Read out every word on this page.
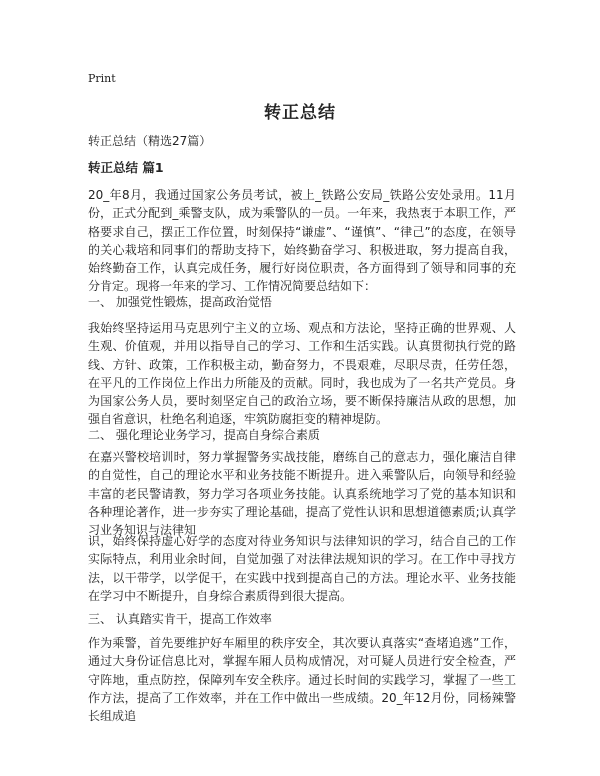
Print
转正总结
转正总结（精选27篇）
转正总结 篇1

20_年8月，我通过国家公务员考试，被上_铁路公安局_铁路公安处录用。11月份，正式分配到_乘警支队，成为乘警队的一员。一年来，我热衷于本职工作，严格要求自己，摆正工作位置，时刻保持“谦虚”、“谨慎”、“律己”的态度，在领导的关心栽培和同事们的帮助支持下，始终勤奋学习、积极进取，努力提高自我，始终勤奋工作，认真完成任务，履行好岗位职责，各方面得到了领导和同事的充分肯定。现将一年来的学习、工作情况简要总结如下：

一、 加强党性锻炼，提高政治觉悟

我始终坚持运用马克思列宁主义的立场、观点和方法论，坚持正确的世界观、人生观、价值观，并用以指导自己的学习、工作和生活实践。认真贯彻执行党的路线、方针、政策，工作积极主动，勤奋努力，不畏艰难，尽职尽责，任劳任怨，在平凡的工作岗位上作出力所能及的贡献。同时，我也成为了一名共产党员。身为国家公务人员，要时刻坚定自己的政治立场，要不断保持廉洁从政的思想，加强自省意识，杜绝名利追逐，牢筑防腐拒变的精神堤防。

二、 强化理论业务学习，提高自身综合素质

在嘉兴警校培训时，努力掌握警务实战技能，磨练自己的意志力，强化廉洁自律的自觉性，自己的理论水平和业务技能不断提升。进入乘警队后，向领导和经验丰富的老民警请教，努力学习各项业务技能。认真系统地学习了党的基本知识和各种理论著作，进一步夯实了理论基础，提高了党性认识和思想道德素质;认真学习业务知识与法律知

识，始终保持虚心好学的态度对待业务知识与法律知识的学习，结合自己的工作实际特点，利用业余时间，自觉加强了对法律法规知识的学习。在工作中寻找方法，以干带学，以学促干，在实践中找到提高自己的方法。理论水平、业务技能在学习中不断提升，自身综合素质得到很大提高。

三、 认真踏实肯干，提高工作效率

作为乘警，首先要维护好车厢里的秩序安全，其次要认真落实“查堵追逃”工作，通过大身份证信息比对，掌握车厢人员构成情况，对可疑人员进行安全检查，严守阵地，重点防控，保障列车安全秩序。通过长时间的实践学习，掌握了一些工作方法，提高了工作效率，并在工作中做出一些成绩。20_年12月份，同杨辣警长组成追
